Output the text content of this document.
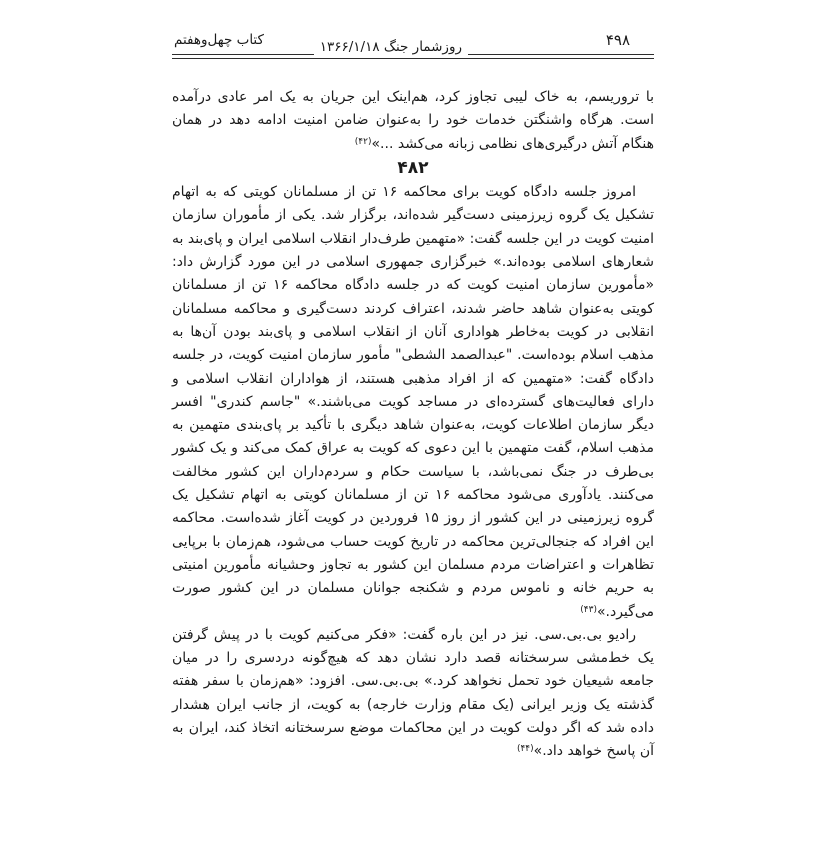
۴۹۸
روزشمار جنگ ۱۳۶۶/۱/۱۸
کتاب چهل‌وهفتم

با تروریسم، به خاک لیبی تجاوز کرد، هم‌اینک این جریان به یک امر عادی درآمده است. هرگاه واشنگتن خدمات خود را به‌عنوان ضامن امنیت ادامه دهد در همان هنگام آتش درگیری‌های نظامی زبانه می‌کشد ...»$^{(۴۲)}$

۴۸۲

امروز جلسه دادگاه کویت برای محاکمه ۱۶ تن از مسلمانان کویتی که به اتهام تشکیل یک گروه زیرزمینی دست‌گیر شده‌اند، برگزار شد. یکی از مأموران سازمان امنیت کویت در این جلسه گفت: «متهمین طرف‌دار انقلاب اسلامی ایران و پای‌بند به شعارهای اسلامی بوده‌اند.» خبرگزاری جمهوری اسلامی در این مورد گزارش داد: «مأمورین سازمان امنیت کویت که در جلسه دادگاه محاکمه ۱۶ تن از مسلمانان کویتی به‌عنوان شاهد حاضر شدند، اعتراف کردند دست‌گیری و محاکمه مسلمانان انقلابی در کویت به‌خاطر هواداری آنان از انقلاب اسلامی و پای‌بند بودن آن‌ها به مذهب اسلام بوده‌است. "عبدالصمد الشطی" مأمور سازمان امنیت کویت، در جلسه دادگاه گفت: «متهمین که از افراد مذهبی هستند، از هواداران انقلاب اسلامی و دارای فعالیت‌های گسترده‌ای در مساجد کویت می‌باشند.» "جاسم کندری" افسر دیگر سازمان اطلاعات کویت، به‌عنوان شاهد دیگری با تأکید بر پای‌بندی متهمین به مذهب اسلام، گفت متهمین با این دعوی که کویت به عراق کمک می‌کند و یک کشور بی‌طرف در جنگ نمی‌باشد، با سیاست حکام و سردم‌داران این کشور مخالفت می‌کنند. یادآوری می‌شود محاکمه ۱۶ تن از مسلمانان کویتی به اتهام تشکیل یک گروه زیرزمینی در این کشور از روز ۱۵ فروردین در کویت آغاز شده‌است. محاکمه این افراد که جنجالی‌ترین محاکمه در تاریخ کویت حساب می‌شود، هم‌زمان با برپایی تظاهرات و اعتراضات مردم مسلمان این کشور به تجاوز وحشیانه مأمورین امنیتی به حریم خانه و ناموس مردم و شکنجه جوانان مسلمان در این کشور صورت می‌گیرد.»$^{(۴۳)}$

رادیو بی.بی.سی. نیز در این باره گفت: «فکر می‌کنیم کویت با در پیش گرفتن یک خط‌مشی سرسختانه قصد دارد نشان دهد که هیچ‌گونه دردسری را در میان جامعه شیعیان خود تحمل نخواهد کرد.» بی.بی.سی. افزود: «هم‌زمان با سفر هفته گذشته یک وزیر ایرانی (یک مقام وزارت خارجه) به کویت، از جانب ایران هشدار داده شد که اگر دولت کویت در این محاکمات موضع سرسختانه اتخاذ کند، ایران به آن پاسخ خواهد داد.»$^{(۴۴)}$
